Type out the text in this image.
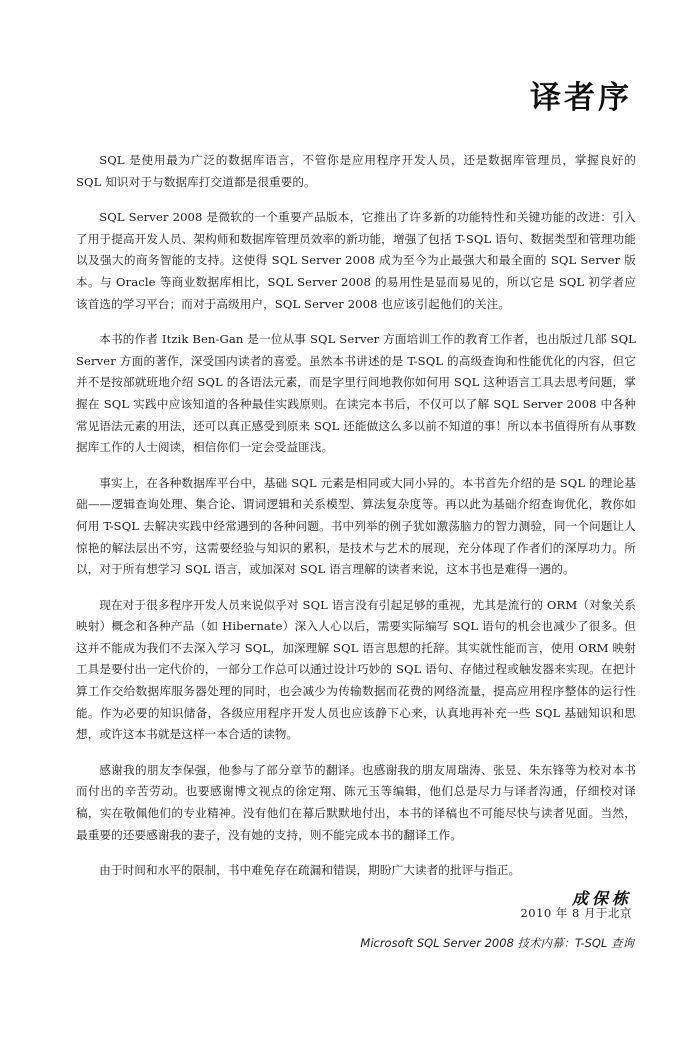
译者序

SQL 是使用最为广泛的数据库语言，不管你是应用程序开发人员，还是数据库管理员，掌握良好的 SQL 知识对于与数据库打交道都是很重要的。

SQL Server 2008 是微软的一个重要产品版本，它推出了许多新的功能特性和关键功能的改进：引入了用于提高开发人员、架构师和数据库管理员效率的新功能，增强了包括 T-SQL 语句、数据类型和管理功能以及强大的商务智能的支持。这使得 SQL Server 2008 成为至今为止最强大和最全面的 SQL Server 版本。与 Oracle 等商业数据库相比，SQL Server 2008 的易用性是显而易见的，所以它是 SQL 初学者应该首选的学习平台；而对于高级用户，SQL Server 2008 也应该引起他们的关注。

本书的作者 Itzik Ben-Gan 是一位从事 SQL Server 方面培训工作的教育工作者，也出版过几部 SQL Server 方面的著作，深受国内读者的喜爱。虽然本书讲述的是 T-SQL 的高级查询和性能优化的内容，但它并不是按部就班地介绍 SQL 的各语法元素，而是字里行间地教你如何用 SQL 这种语言工具去思考问题，掌握在 SQL 实践中应该知道的各种最佳实践原则。在读完本书后，不仅可以了解 SQL Server 2008 中各种常见语法元素的用法，还可以真正感受到原来 SQL 还能做这么多以前不知道的事！所以本书值得所有从事数据库工作的人士阅读，相信你们一定会受益匪浅。

事实上，在各种数据库平台中，基础 SQL 元素是相同或大同小异的。本书首先介绍的是 SQL 的理论基础——逻辑查询处理、集合论、谓词逻辑和关系模型、算法复杂度等。再以此为基础介绍查询优化，教你如何用 T-SQL 去解决实践中经常遇到的各种问题。书中列举的例子犹如激荡脑力的智力测验，同一个问题让人惊艳的解法层出不穷，这需要经验与知识的累积，是技术与艺术的展现，充分体现了作者们的深厚功力。所以，对于所有想学习 SQL 语言，或加深对 SQL 语言理解的读者来说，这本书也是难得一遇的。

现在对于很多程序开发人员来说似乎对 SQL 语言没有引起足够的重视，尤其是流行的 ORM（对象关系映射）概念和各种产品（如 Hibernate）深入人心以后，需要实际编写 SQL 语句的机会也减少了很多。但这并不能成为我们不去深入学习 SQL，加深理解 SQL 语言思想的托辞。其实就性能而言，使用 ORM 映射工具是要付出一定代价的，一部分工作总可以通过设计巧妙的 SQL 语句、存储过程或触发器来实现。在把计算工作交给数据库服务器处理的同时，也会减少为传输数据而花费的网络流量，提高应用程序整体的运行性能。作为必要的知识储备，各级应用程序开发人员也应该静下心来，认真地再补充一些 SQL 基础知识和思想，或许这本书就是这样一本合适的读物。

感谢我的朋友李保强，他参与了部分章节的翻译。也感谢我的朋友周瑞涛、张昱、朱东锋等为校对本书而付出的辛苦劳动。也要感谢博文视点的徐定翔、陈元玉等编辑，他们总是尽力与译者沟通，仔细校对译稿，实在敬佩他们的专业精神。没有他们在幕后默默地付出，本书的译稿也不可能尽快与读者见面。当然，最重要的还要感谢我的妻子，没有她的支持，则不能完成本书的翻译工作。

由于时间和水平的限制，书中难免存在疏漏和错误，期盼广大读者的批评与指正。

成保栋
2010 年 8 月于北京
Microsoft SQL Server 2008 技术内幕：T-SQL 查询
